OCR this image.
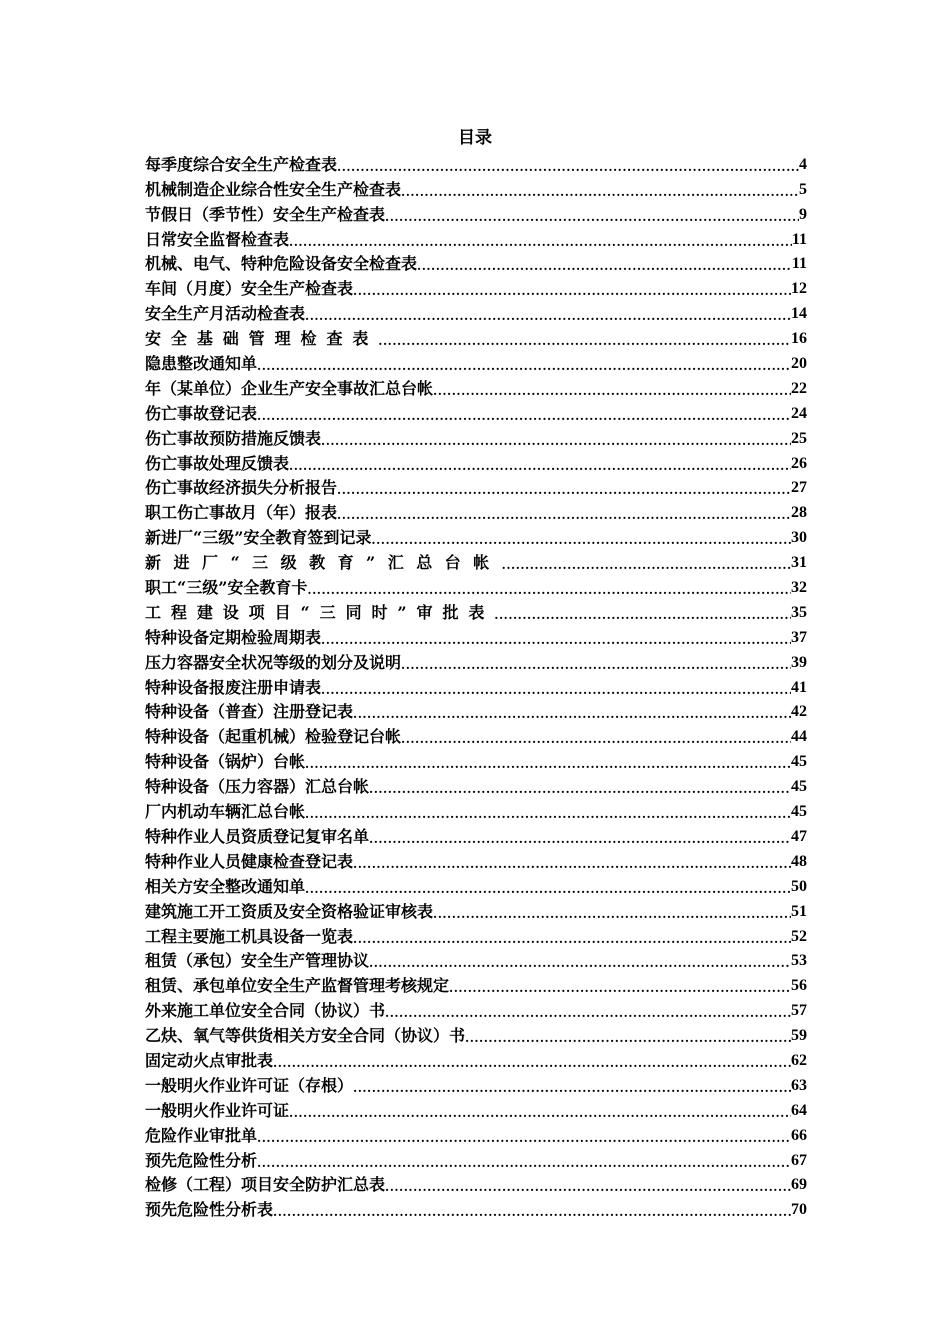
目录
每季度综合安全生产检查表 .....	4
机械制造企业综合性安全生产检查表 .....	5
节假日（季节性）安全生产检查表 .....	9
日常安全监督检查表 .....	11
机械、电气、特种危险设备安全检查表 .....	11
车间（月度）安全生产检查表 .....	12
安全生产月活动检查表 .....	14
安全基础管理检查表 .....	16
隐患整改通知单 .....	20
年（某单位）企业生产安全事故汇总台帐 .....	22
伤亡事故登记表 .....	24
伤亡事故预防措施反馈表 .....	25
伤亡事故处理反馈表 .....	26
伤亡事故经济损失分析报告 .....	27
职工伤亡事故月（年）报表 .....	28
新进厂“三级”安全教育签到记录 .....	30
新进厂“三级教育”汇总台帐 .....	31
职工“三级”安全教育卡 .....	32
工程建设项目“三同时”审批表 .....	35
特种设备定期检验周期表 .....	37
压力容器安全状况等级的划分及说明 .....	39
特种设备报废注册申请表 .....	41
特种设备（普查）注册登记表 .....	42
特种设备（起重机械）检验登记台帐 .....	44
特种设备（锅炉）台帐 .....	45
特种设备（压力容器）汇总台帐 .....	45
厂内机动车辆汇总台帐 .....	45
特种作业人员资质登记复审名单 .....	47
特种作业人员健康检查登记表 .....	48
相关方安全整改通知单 .....	50
建筑施工开工资质及安全资格验证审核表 .....	51
工程主要施工机具设备一览表 .....	52
租赁（承包）安全生产管理协议 .....	53
租赁、承包单位安全生产监督管理考核规定 .....	56
外来施工单位安全合同（协议）书 .....	57
乙炔、氧气等供货相关方安全合同（协议）书 .....	59
固定动火点审批表 .....	62
一般明火作业许可证（存根） .....	63
一般明火作业许可证 .....	64
危险作业审批单 .....	66
预先危险性分析 .....	67
检修（工程）项目安全防护汇总表 .....	69
预先危险性分析表 .....	70
